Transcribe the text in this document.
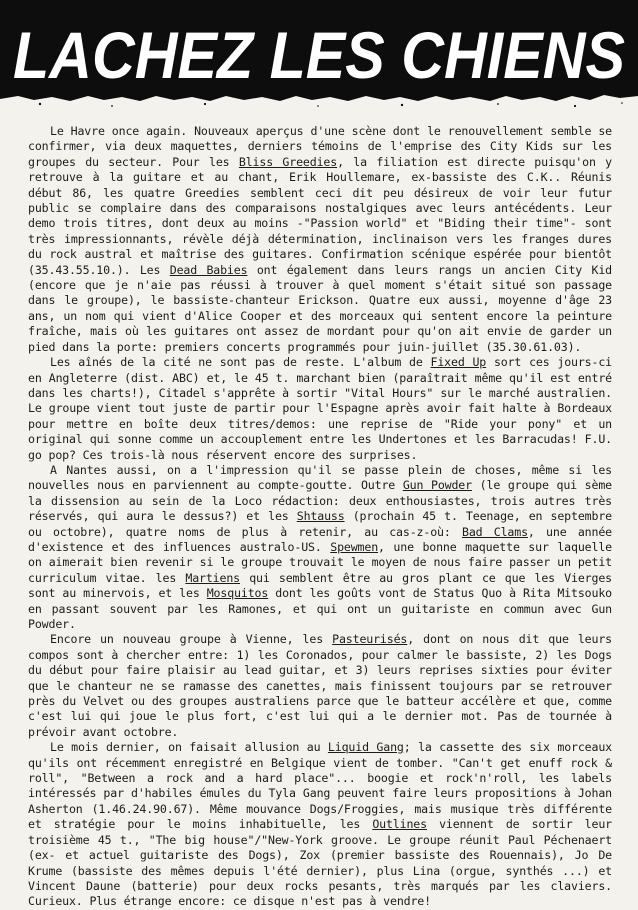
LACHEZ LES CHIENS

Le Havre once again. Nouveaux aperçus d'une scène dont le renouvellement semble se confirmer, via deux maquettes, derniers témoins de l'emprise des City Kids sur les groupes du secteur. Pour les Bliss Greedies, la filiation est directe puisqu'on y retrouve à la guitare et au chant, Erik Houllemare, ex-bassiste des C.K.. Réunis début 86, les quatre Greedies semblent ceci dit peu désireux de voir leur futur public se complaire dans des comparaisons nostalgiques avec leurs antécédents. Leur demo trois titres, dont deux au moins -"Passion world" et "Biding their time"- sont très impressionnants, révèle déjà détermination, inclinaison vers les franges dures du rock austral et maîtrise des guitares. Confirmation scénique espérée pour bientôt (35.43.55.10.). Les Dead Babies ont également dans leurs rangs un ancien City Kid (encore que je n'aie pas réussi à trouver à quel moment s'était situé son passage dans le groupe), le bassiste-chanteur Erickson. Quatre eux aussi, moyenne d'âge 23 ans, un nom qui vient d'Alice Cooper et des morceaux qui sentent encore la peinture fraîche, mais où les guitares ont assez de mordant pour qu'on ait envie de garder un pied dans la porte: premiers concerts programmés pour juin-juillet (35.30.61.03).

Les aînés de la cité ne sont pas de reste. L'album de Fixed Up sort ces jours-ci en Angleterre (dist. ABC) et, le 45 t. marchant bien (paraîtrait même qu'il est entré dans les charts!), Citadel s'apprête à sortir "Vital Hours" sur le marché australien. Le groupe vient tout juste de partir pour l'Espagne après avoir fait halte à Bordeaux pour mettre en boîte deux titres/demos: une reprise de "Ride your pony" et un original qui sonne comme un accouplement entre les Undertones et les Barracudas! F.U. go pop? Ces trois-là nous réservent encore des surprises.

A Nantes aussi, on a l'impression qu'il se passe plein de choses, même si les nouvelles nous en parviennent au compte-goutte. Outre Gun Powder (le groupe qui sème la dissension au sein de la Loco rédaction: deux enthousiastes, trois autres très réservés, qui aura le dessus?) et les Shtauss (prochain 45 t. Teenage, en septembre ou octobre), quatre noms de plus à retenir, au cas-z-où: Bad Clams, une année d'existence et des influences australo-US. Spewmen, une bonne maquette sur laquelle on aimerait bien revenir si le groupe trouvait le moyen de nous faire passer un petit curriculum vitae. les Martiens qui semblent être au gros plant ce que les Vierges sont au minervois, et les Mosquitos dont les goûts vont de Status Quo à Rita Mitsouko en passant souvent par les Ramones, et qui ont un guitariste en commun avec Gun Powder.

Encore un nouveau groupe à Vienne, les Pasteurisés, dont on nous dit que leurs compos sont à chercher entre: 1) les Coronados, pour calmer le bassiste, 2) les Dogs du début pour faire plaisir au lead guitar, et 3) leurs reprises sixties pour éviter que le chanteur ne se ramasse des canettes, mais finissent toujours par se retrouver près du Velvet ou des groupes australiens parce que le batteur accélère et que, comme c'est lui qui joue le plus fort, c'est lui qui a le dernier mot. Pas de tournée à prévoir avant octobre.

Le mois dernier, on faisait allusion au Liquid Gang; la cassette des six morceaux qu'ils ont récemment enregistré en Belgique vient de tomber. "Can't get enuff rock & roll", "Between a rock and a hard place"... boogie et rock'n'roll, les labels intéressés par d'habiles émules du Tyla Gang peuvent faire leurs propositions à Johan Asherton (1.46.24.90.67). Même mouvance Dogs/Froggies, mais musique très différente et stratégie pour le moins inhabituelle, les Outlines viennent de sortir leur troisième 45 t., "The big house"/"New-York groove. Le groupe réunit Paul Péchenaert (ex- et actuel guitariste des Dogs), Zox (premier bassiste des Rouennais), Jo De Krume (bassiste des mêmes depuis l'été dernier), plus Lina (orgue, synthés ...) et Vincent Daune (batterie) pour deux rocks pesants, très marqués par les claviers. Curieux. Plus étrange encore: ce disque n'est pas à vendre!
